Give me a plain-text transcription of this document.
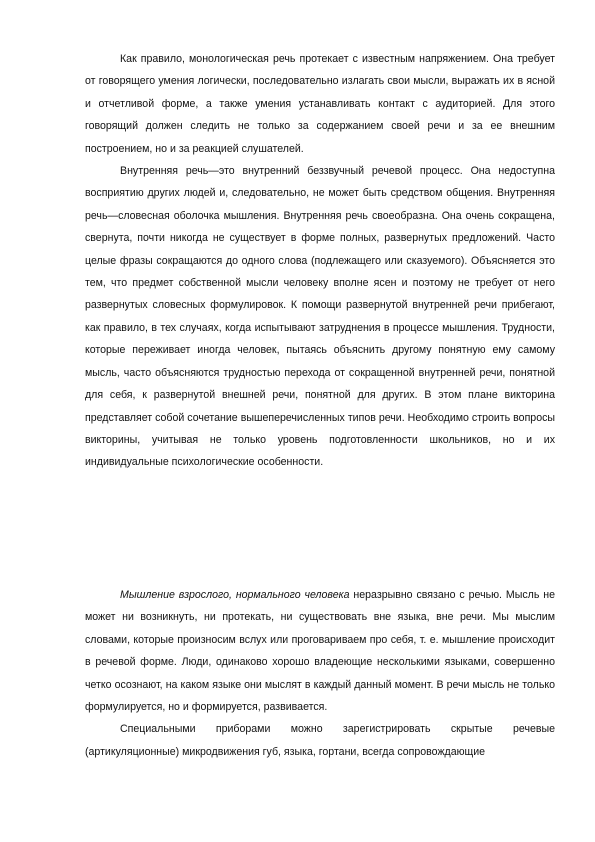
Как правило, монологическая речь протекает с известным напряжением. Она требует от говорящего умения логически, последовательно излагать свои мысли, выражать их в ясной и отчетливой форме, а также умения устанавливать контакт с аудиторией. Для этого говорящий должен следить не только за содержанием своей речи и за ее внешним построением, но и за реакцией слушателей.

Внутренняя речь—это внутренний беззвучный речевой процесс. Она недоступна восприятию других людей и, следовательно, не может быть средством общения. Внутренняя речь—словесная оболочка мышления. Внутренняя речь своеобразна. Она очень сокращена, свернута, почти никогда не существует в форме полных, развернутых предложений. Часто целые фразы сокращаются до одного слова (подлежащего или сказуемого). Объясняется это тем, что предмет собственной мысли человеку вполне ясен и поэтому не требует от него развернутых словесных формулировок. К помощи развернутой внутренней речи прибегают, как правило, в тех случаях, когда испытывают затруднения в процессе мышления. Трудности, которые переживает иногда человек, пытаясь объяснить другому понятную ему самому мысль, часто объясняются трудностью перехода от сокращенной внутренней речи, понятной для себя, к развернутой внешней речи, понятной для других. В этом плане викторина представляет собой сочетание вышеперечисленных типов речи. Необходимо строить вопросы викторины, учитывая не только уровень подготовленности школьников, но и их индивидуальные психологические особенности.

Мышление взрослого, нормального человека неразрывно связано с речью. Мысль не может ни возникнуть, ни протекать, ни существовать вне языка, вне речи. Мы мыслим словами, которые произносим вслух или проговариваем про себя, т. е. мышление происходит в речевой форме. Люди, одинаково хорошо владеющие несколькими языками, совершенно четко осознают, на каком языке они мыслят в каждый данный момент. В речи мысль не только формулируется, но и формируется, развивается.

Специальными приборами можно зарегистрировать скрытые речевые (артикуляционные) микродвижения губ, языка, гортани, всегда сопровождающие
